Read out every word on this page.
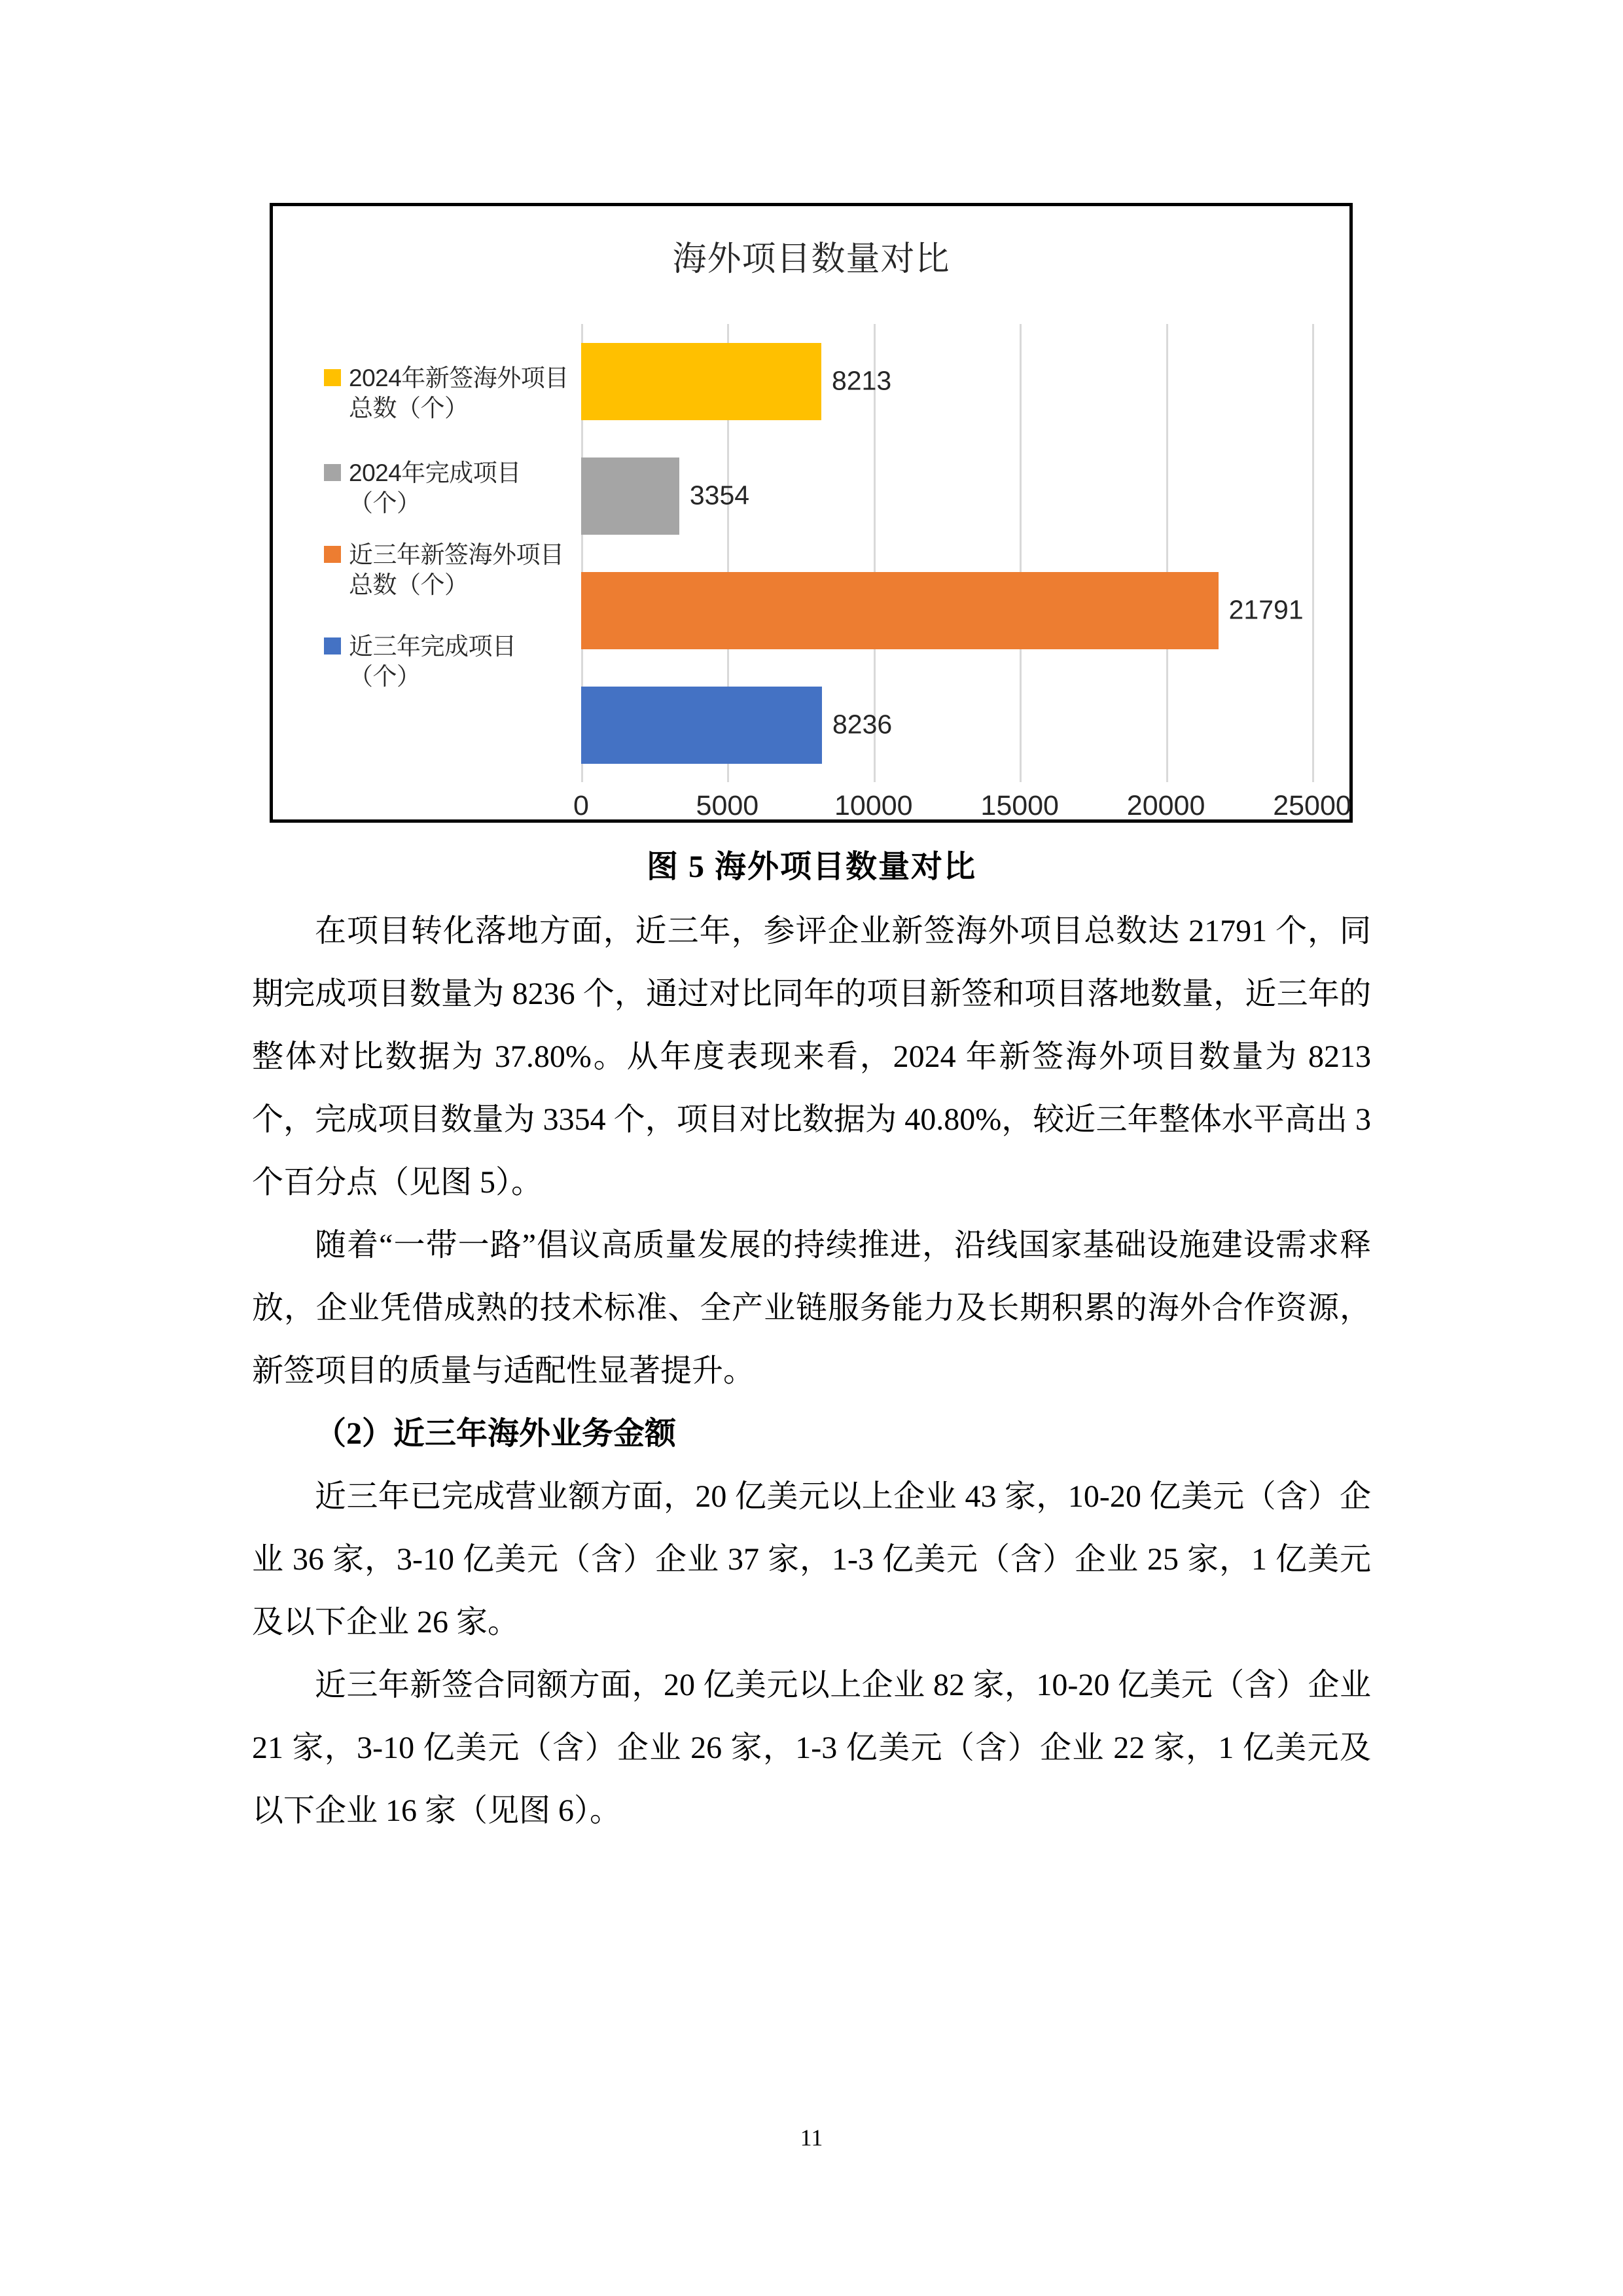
海外项目数量对比
2024年新签海外项目总数（个）
2024年完成项目（个）
近三年新签海外项目总数（个）
近三年完成项目（个）
8213
3354
21791
8236
0	5000	10000 15000 20000 25000
图 5 海外项目数量对比

在项目转化落地方面，近三年，参评企业新签海外项目总数达 21791 个，同期完成项目数量为 8236 个，通过对比同年的项目新签和项目落地数量，近三年的整体对比数据为 37.80%。从年度表现来看，2024 年新签海外项目数量为 8213 个，完成项目数量为 3354 个，项目对比数据为 40.80%，较近三年整体水平高出 3 个百分点（见图 5）。

随着“一带一路”倡议高质量发展的持续推进，沿线国家基础设施建设需求释放，企业凭借成熟的技术标准、全产业链服务能力及长期积累的海外合作资源，新签项目的质量与适配性显著提升。

（2）近三年海外业务金额

近三年已完成营业额方面，20 亿美元以上企业 43 家，10-20 亿美元（含）企业 36 家，3-10 亿美元（含）企业 37 家，1-3 亿美元（含）企业 25 家，1 亿美元及以下企业 26 家。

近三年新签合同额方面，20 亿美元以上企业 82 家，10-20 亿美元（含）企业 21 家，3-10 亿美元（含）企业 26 家，1-3 亿美元（含）企业 22 家，1 亿美元及以下企业 16 家（见图 6）。

11
